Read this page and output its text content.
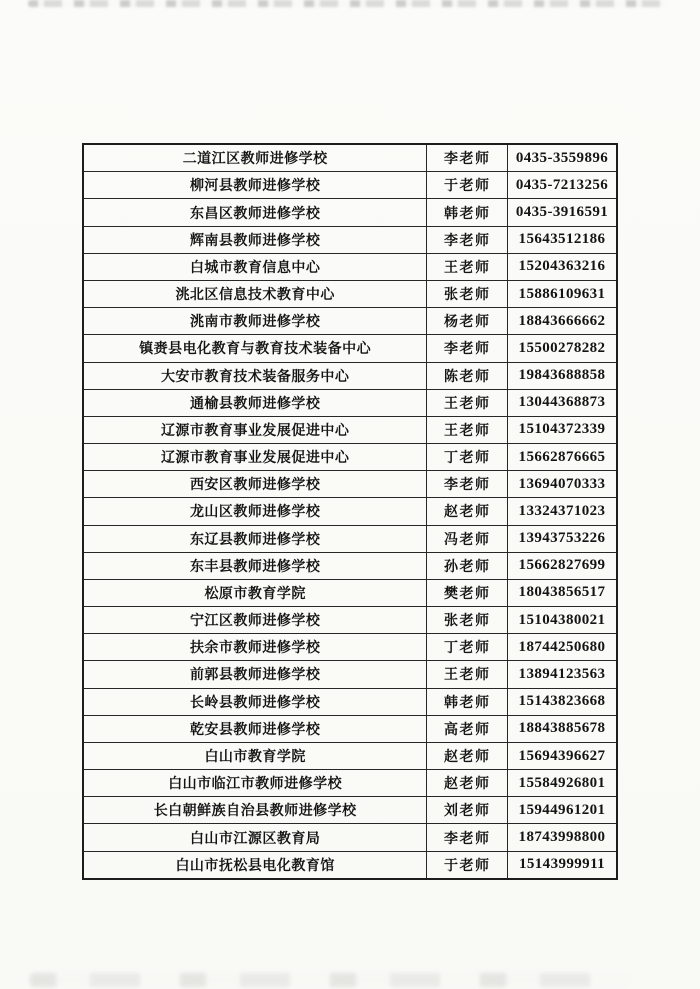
二道江区教师进修学校	李老师	0435-3559896
柳河县教师进修学校	于老师	0435-7213256
东昌区教师进修学校	韩老师	0435-3916591
辉南县教师进修学校	李老师	15643512186
白城市教育信息中心	王老师	15204363216
洮北区信息技术教育中心	张老师	15886109631
洮南市教师进修学校	杨老师	18843666662
镇赉县电化教育与教育技术装备中心	李老师	15500278282
大安市教育技术装备服务中心	陈老师	19843688858
通榆县教师进修学校	王老师	13044368873
辽源市教育事业发展促进中心	王老师	15104372339
辽源市教育事业发展促进中心	丁老师	15662876665
西安区教师进修学校	李老师	13694070333
龙山区教师进修学校	赵老师	13324371023
东辽县教师进修学校	冯老师	13943753226
东丰县教师进修学校	孙老师	15662827699
松原市教育学院	樊老师	18043856517
宁江区教师进修学校	张老师	15104380021
扶余市教师进修学校	丁老师	18744250680
前郭县教师进修学校	王老师	13894123563
长岭县教师进修学校	韩老师	15143823668
乾安县教师进修学校	高老师	18843885678
白山市教育学院	赵老师	15694396627
白山市临江市教师进修学校	赵老师	15584926801
长白朝鲜族自治县教师进修学校	刘老师	15944961201
白山市江源区教育局	李老师	18743998800
白山市抚松县电化教育馆	于老师	15143999911
